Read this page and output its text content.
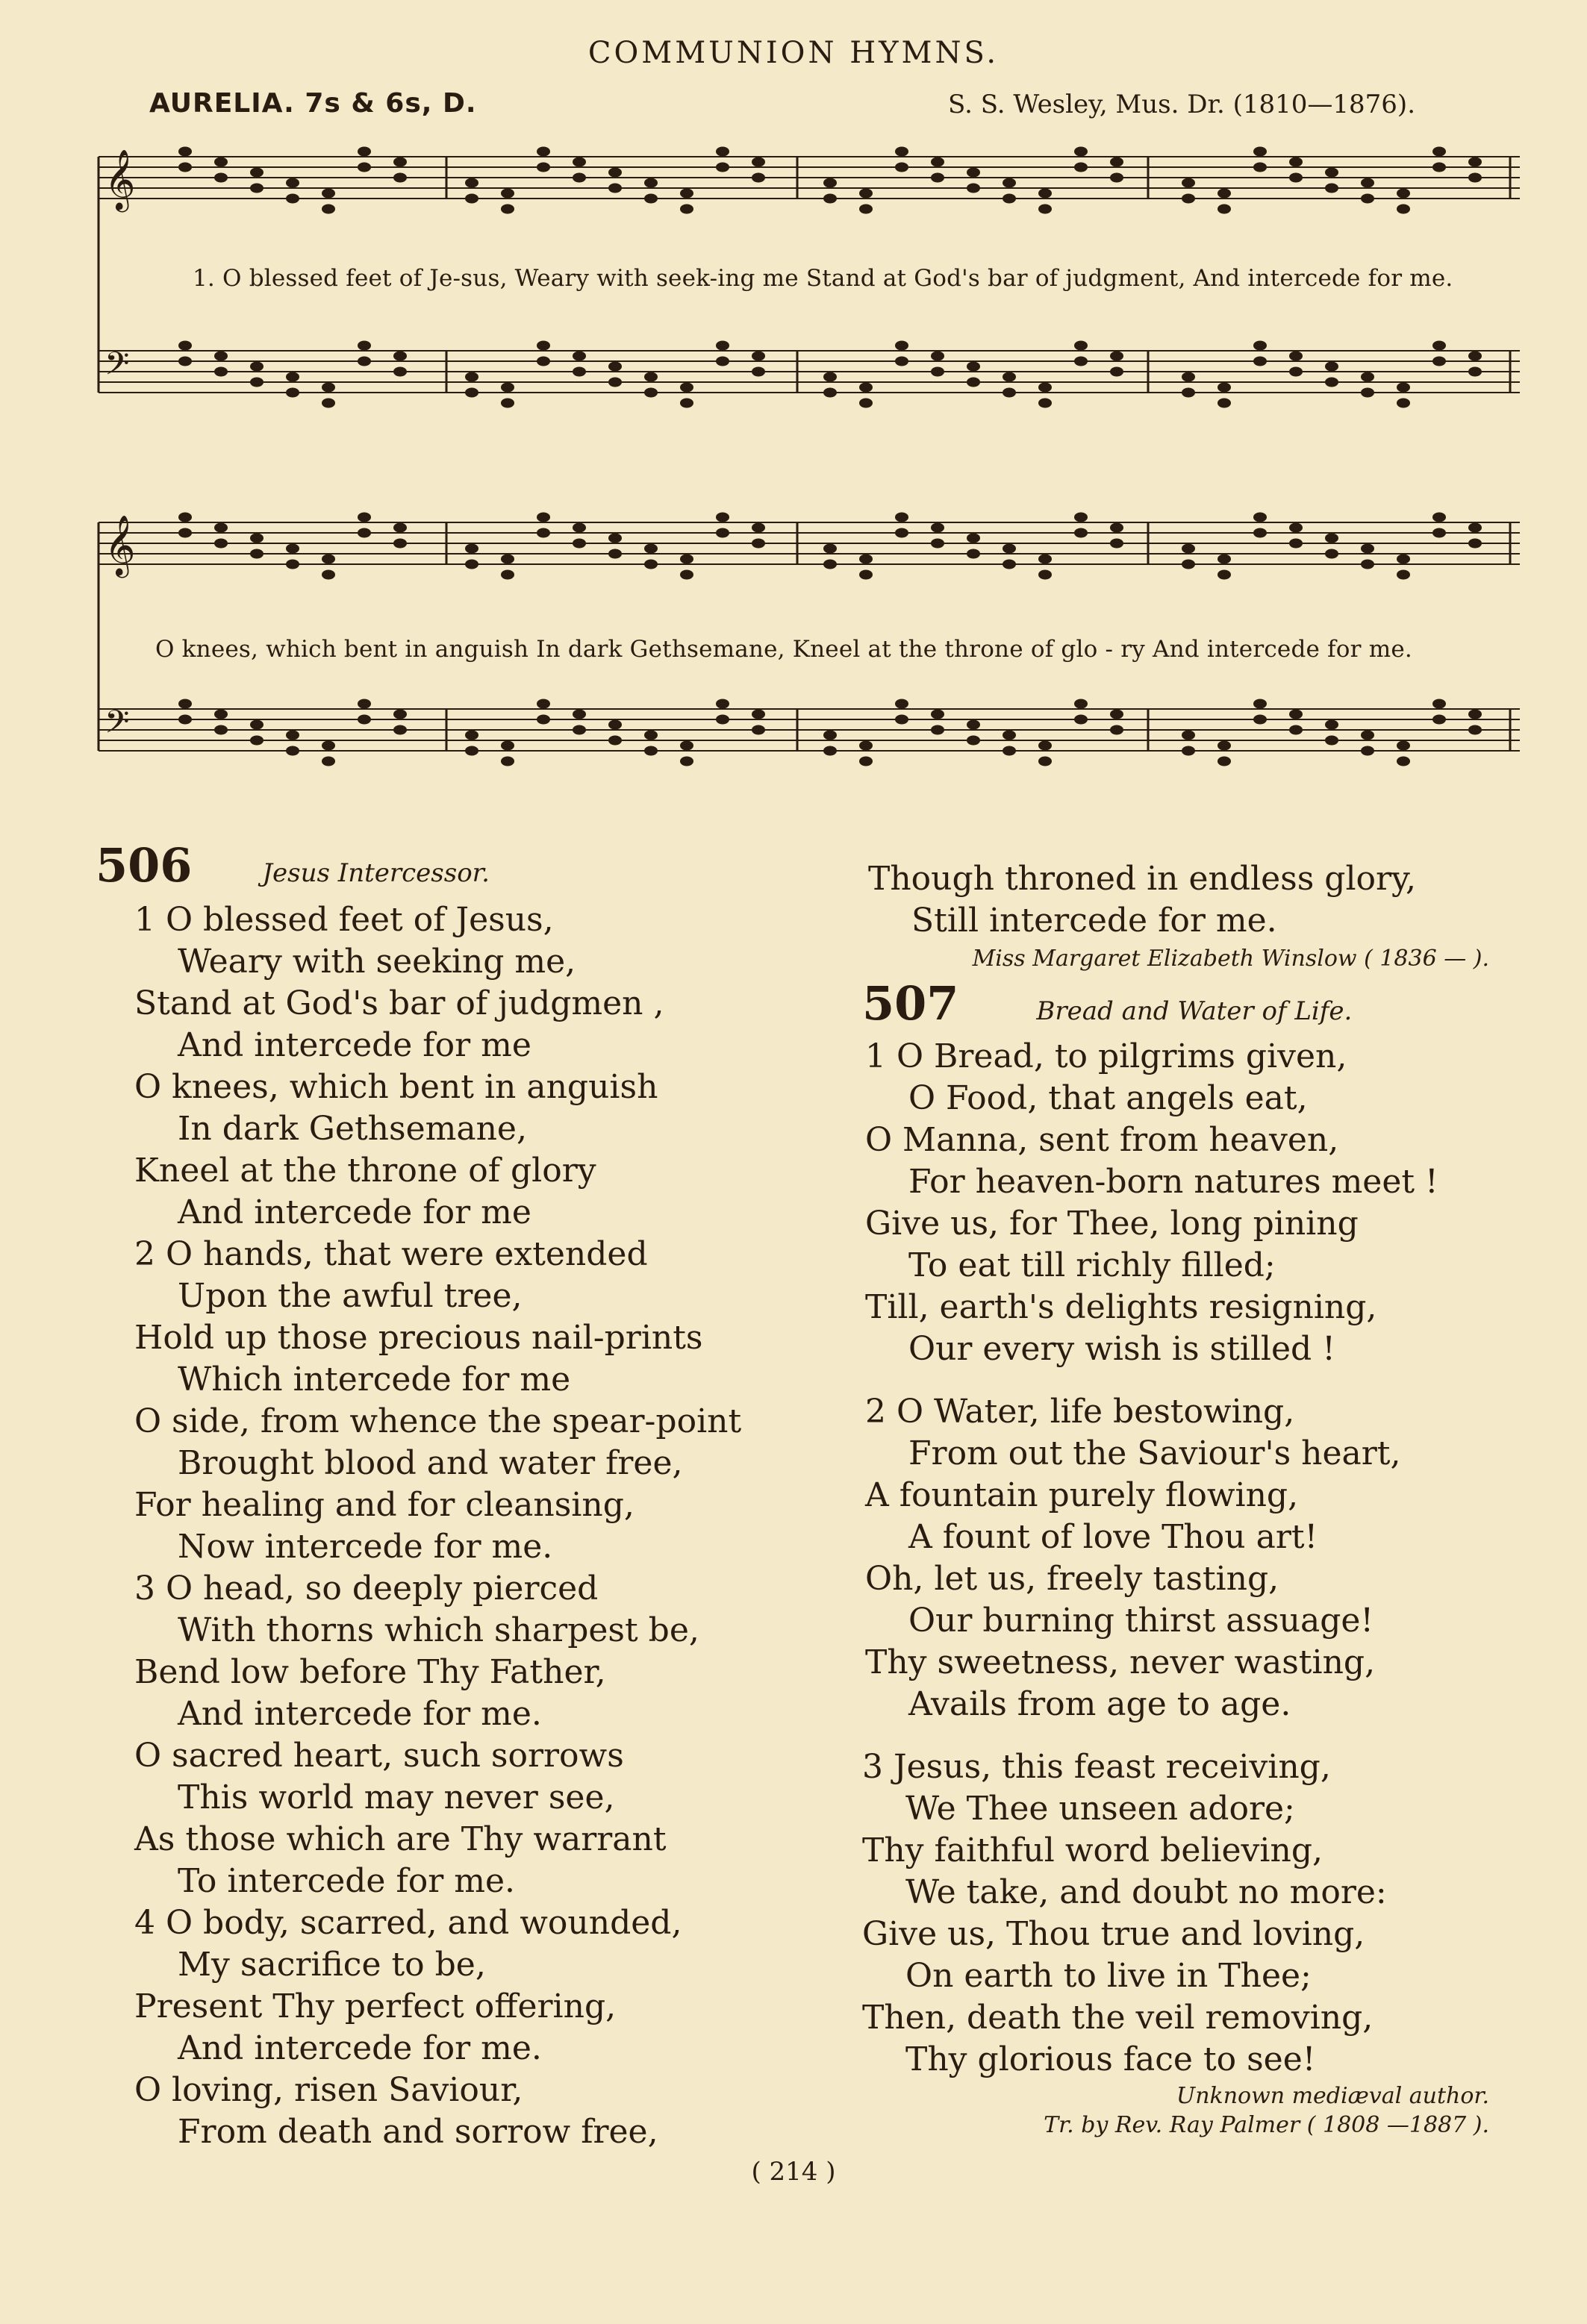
COMMUNION HYMNS.
AURELIA. 7s & 6s, D.	S. S. Wesley, Mus. Dr. (1810—1876).
𝄞
𝄢
1. O blessed feet of Je-sus, Weary with seek-ing me Stand at God's bar of judgment, And intercede for me.
𝄞
𝄢
O knees, which bent in anguish In dark Gethsemane, Kneel at the throne of glo - ry And intercede for me.
506	Jesus Intercessor.
1 O blessed feet of Jesus,
Weary with seeking me,
Stand at God's bar of judgmen ,
And intercede for me
O knees, which bent in anguish
In dark Gethsemane,
Kneel at the throne of glory
And intercede for me
2 O hands, that were extended
Upon the awful tree,
Hold up those precious nail-prints
Which intercede for me
O side, from whence the spear-point
Brought blood and water free,
For healing and for cleansing,
Now intercede for me.
3 O head, so deeply pierced
With thorns which sharpest be,
Bend low before Thy Father,
And intercede for me.
O sacred heart, such sorrows
This world may never see,
As those which are Thy warrant
To intercede for me.
4 O body, scarred, and wounded,
My sacrifice to be,
Present Thy perfect offering,
And intercede for me.
O loving, risen Saviour,
From death and sorrow free,
Though throned in endless glory,
Still intercede for me.
Miss Margaret Elizabeth Winslow ( 1836 — ).
507	Bread and Water of Life.
1 O Bread, to pilgrims given,
O Food, that angels eat,
O Manna, sent from heaven,
For heaven-born natures meet !
Give us, for Thee, long pining
To eat till richly filled;
Till, earth's delights resigning,
Our every wish is stilled !
2 O Water, life bestowing,
From out the Saviour's heart,
A fountain purely flowing,
A fount of love Thou art!
Oh, let us, freely tasting,
Our burning thirst assuage!
Thy sweetness, never wasting,
Avails from age to age.
3 Jesus, this feast receiving,
We Thee unseen adore;
Thy faithful word believing,
We take, and doubt no more:
Give us, Thou true and loving,
On earth to live in Thee;
Then, death the veil removing,
Thy glorious face to see!
Unknown mediæval author.
Tr. by Rev. Ray Palmer ( 1808 —1887 ).
( 214 )
